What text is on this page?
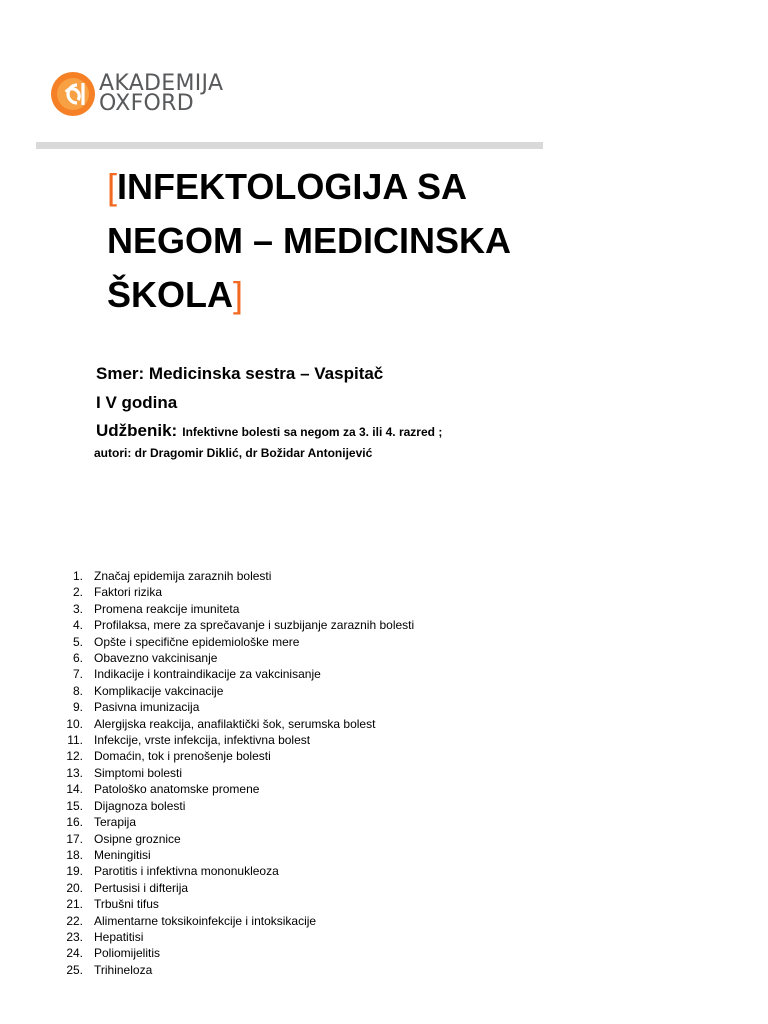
AKADEMIJA
OXFORD
[INFEKTOLOGIJA SA NEGOM – MEDICINSKA ŠKOLA]
Smer: Medicinska sestra – Vaspitač
I V godina
Udžbenik: Infektivne bolesti sa negom za 3. ili 4. razred ;
autori: dr Dragomir Diklić, dr Božidar Antonijević
1. Značaj epidemija zaraznih bolesti
2. Faktori rizika
3. Promena reakcije imuniteta
4. Profilaksa, mere za sprečavanje i suzbijanje zaraznih bolesti
5. Opšte i specifične epidemiološke mere
6. Obavezno vakcinisanje
7. Indikacije i kontraindikacije za vakcinisanje
8. Komplikacije vakcinacije
9. Pasivna imunizacija
10. Alergijska reakcija, anafilaktički šok, serumska bolest
11. Infekcije, vrste infekcija, infektivna bolest
12. Domaćin, tok i prenošenje bolesti
13. Simptomi bolesti
14. Patološko anatomske promene
15. Dijagnoza bolesti
16. Terapija
17. Osipne groznice
18. Meningitisi
19. Parotitis i infektivna mononukleoza
20. Pertusisi i difterija
21. Trbušni tifus
22. Alimentarne toksikoinfekcije i intoksikacije
23. Hepatitisi
24. Poliomijelitis
25. Trihineloza
